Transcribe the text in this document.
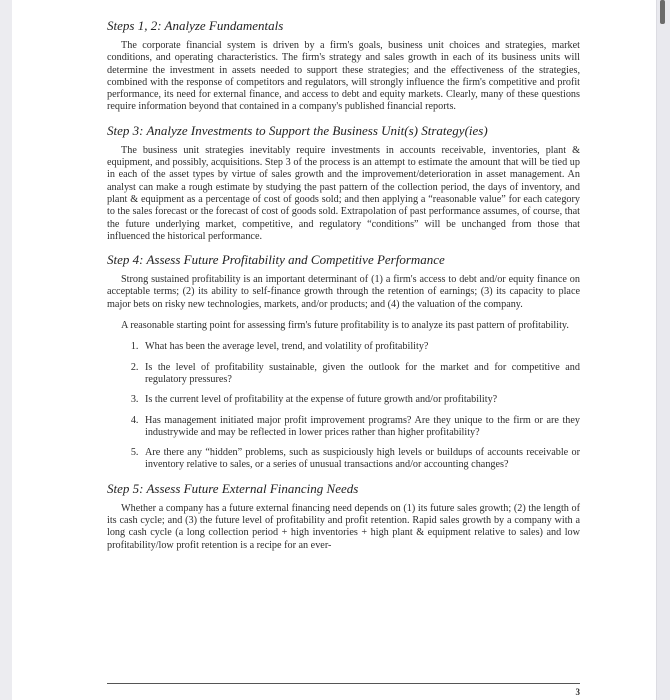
Steps 1, 2: Analyze Fundamentals

The corporate financial system is driven by a firm's goals, business unit choices and strategies, market conditions, and operating characteristics. The firm's strategy and sales growth in each of its business units will determine the investment in assets needed to support these strategies; and the effectiveness of the strategies, combined with the response of competitors and regulators, will strongly influence the firm's competitive and profit performance, its need for external finance, and access to debt and equity markets. Clearly, many of these questions require information beyond that contained in a company's published financial reports.

Step 3: Analyze Investments to Support the Business Unit(s) Strategy(ies)

The business unit strategies inevitably require investments in accounts receivable, inventories, plant & equipment, and possibly, acquisitions. Step 3 of the process is an attempt to estimate the amount that will be tied up in each of the asset types by virtue of sales growth and the improvement/deterioration in asset management. An analyst can make a rough estimate by studying the past pattern of the collection period, the days of inventory, and plant & equipment as a percentage of cost of goods sold; and then applying a “reasonable value” for each category to the sales forecast or the forecast of cost of goods sold. Extrapolation of past performance assumes, of course, that the future underlying market, competitive, and regulatory “conditions” will be unchanged from those that influenced the historical performance.

Step 4: Assess Future Profitability and Competitive Performance

Strong sustained profitability is an important determinant of (1) a firm's access to debt and/or equity finance on acceptable terms; (2) its ability to self-finance growth through the retention of earnings; (3) its capacity to place major bets on risky new technologies, markets, and/or products; and (4) the valuation of the company.

A reasonable starting point for assessing firm's future profitability is to analyze its past pattern of profitability.

1. What has been the average level, trend, and volatility of profitability?
2. Is the level of profitability sustainable, given the outlook for the market and for competitive and regulatory pressures?
3. Is the current level of profitability at the expense of future growth and/or profitability?
4. Has management initiated major profit improvement programs? Are they unique to the firm or are they industrywide and may be reflected in lower prices rather than higher profitability?
5. Are there any “hidden” problems, such as suspiciously high levels or buildups of accounts receivable or inventory relative to sales, or a series of unusual transactions and/or accounting changes?
Step 5: Assess Future External Financing Needs

Whether a company has a future external financing need depends on (1) its future sales growth; (2) the length of its cash cycle; and (3) the future level of profitability and profit retention. Rapid sales growth by a company with a long cash cycle (a long collection period + high inventories + high plant & equipment relative to sales) and low profitability/low profit retention is a recipe for an ever-

3
